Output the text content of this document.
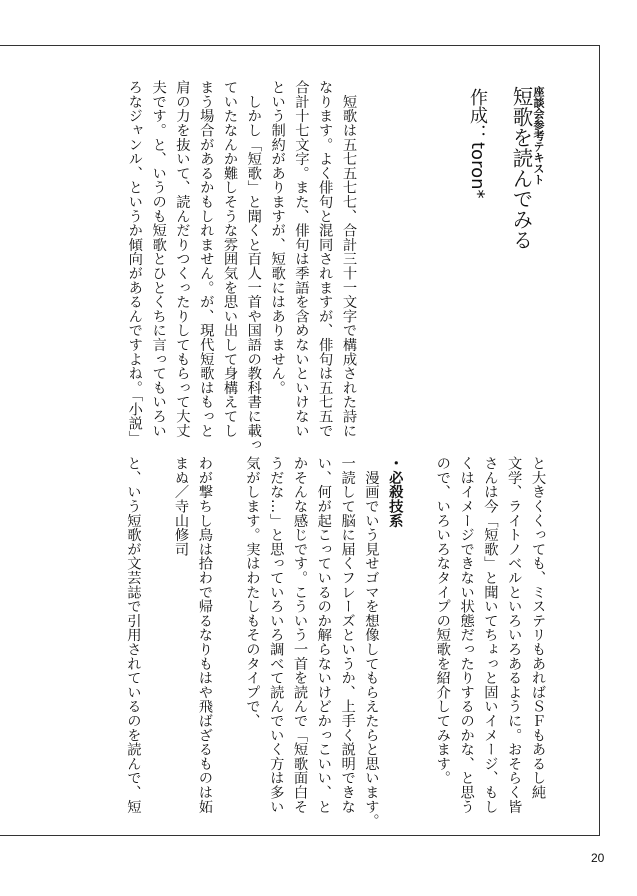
座談会参考テキスト
短歌を読んでみる
作成：toron*
　短歌は五七五七七、合計三十一文字で構成された詩に
なります。よく俳句と混同されますが、俳句は五七五で
合計十七文字。また、俳句は季語を含めないといけない
という制約がありますが、短歌にはありません。
　しかし「短歌」と聞くと百人一首や国語の教科書に載っ
ていたなんか難しそうな雰囲気を思い出して身構えてし
まう場合があるかもしれません。が、現代短歌はもっと
肩の力を抜いて、読んだりつくったりしてもらって大丈
夫です。と、いうのも短歌とひとくちに言ってもいろい
ろなジャンル、というか傾向があるんですよね。「小説」
と大きくくっても、ミステリもあればＳＦもあるし純
文学、ライトノベルといろいろあるように。おそらく皆
さんは今「短歌」と聞いてちょっと固いイメージ、もし
くはイメージできない状態だったりするのかな、と思う
ので、いろいろなタイプの短歌を紹介してみます。
・必殺技系
　漫画でいう見せゴマを想像してもらえたらと思います。
一読して脳に届くフレーズというか、上手く説明できな
い、何が起こっているのか解らないけどかっこいい、と
かそんな感じです。こういう一首を読んで「短歌面白そ
うだな…」と思っていろいろ調べて読んでいく方は多い
気がします。実はわたしもそのタイプで、
わが撃ちし鳥は拾わで帰るなりもはや飛ばざるものは妬
まぬ／寺山修司
と、いう短歌が文芸誌で引用されているのを読んで、短
20
